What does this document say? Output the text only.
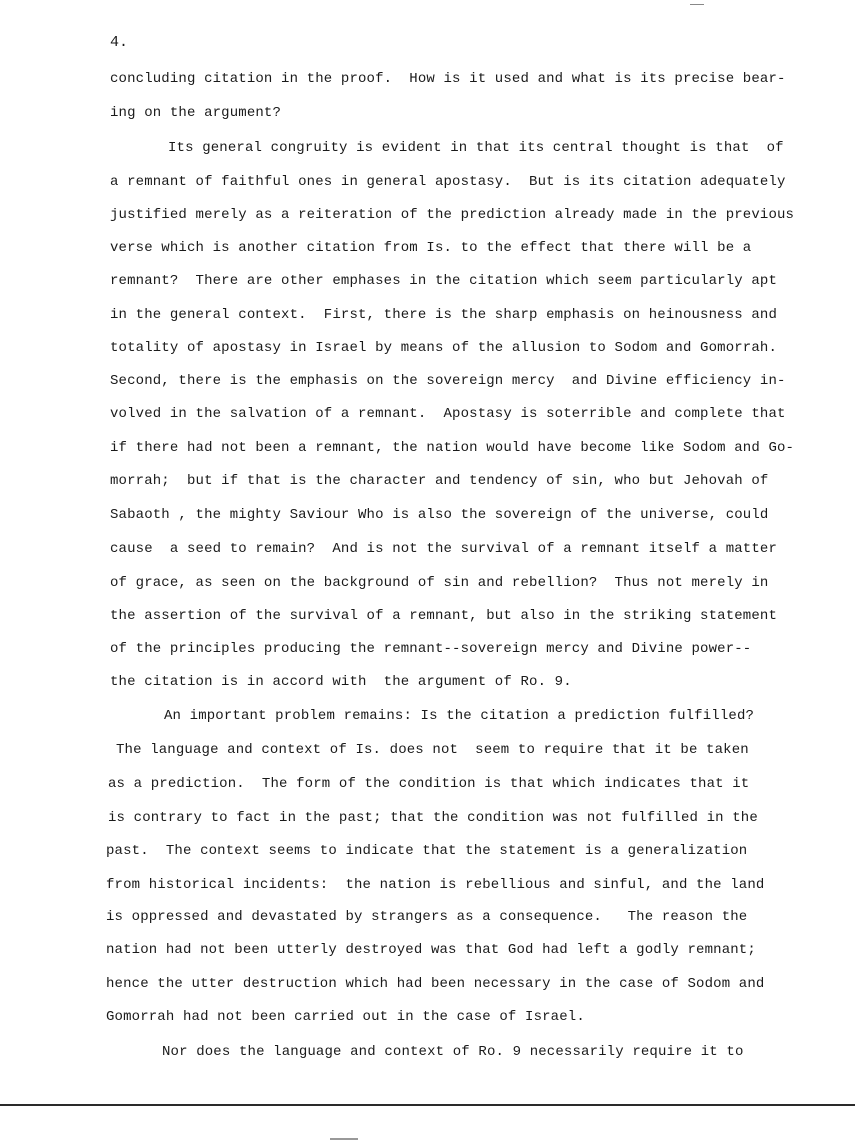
4.
concluding citation in the proof.  How is it used and what is its precise bear-
ing on the argument?
Its general congruity is evident in that its central thought is that  of
a remnant of faithful ones in general apostasy.  But is its citation adequately
justified merely as a reiteration of the prediction already made in the previous
verse which is another citation from Is. to the effect that there will be a
remnant?  There are other emphases in the citation which seem particularly apt
in the general context.  First, there is the sharp emphasis on heinousness and
totality of apostasy in Israel by means of the allusion to Sodom and Gomorrah.
Second, there is the emphasis on the sovereign mercy  and Divine efficiency in-
volved in the salvation of a remnant.  Apostasy is soterrible and complete that
if there had not been a remnant, the nation would have become like Sodom and Go-
morrah;  but if that is the character and tendency of sin, who but Jehovah of
Sabaoth , the mighty Saviour Who is also the sovereign of the universe, could
cause  a seed to remain?  And is not the survival of a remnant itself a matter
of grace, as seen on the background of sin and rebellion?  Thus not merely in
the assertion of the survival of a remnant, but also in the striking statement
of the principles producing the remnant--sovereign mercy and Divine power--
the citation is in accord with  the argument of Ro. 9.
An important problem remains: Is the citation a prediction fulfilled?
The language and context of Is. does not  seem to require that it be taken
as a prediction.  The form of the condition is that which indicates that it
is contrary to fact in the past; that the condition was not fulfilled in the
past.  The context seems to indicate that the statement is a generalization
from historical incidents:  the nation is rebellious and sinful, and the land
is oppressed and devastated by strangers as a consequence.   The reason the
nation had not been utterly destroyed was that God had left a godly remnant;
hence the utter destruction which had been necessary in the case of Sodom and
Gomorrah had not been carried out in the case of Israel.
Nor does the language and context of Ro. 9 necessarily require it to
